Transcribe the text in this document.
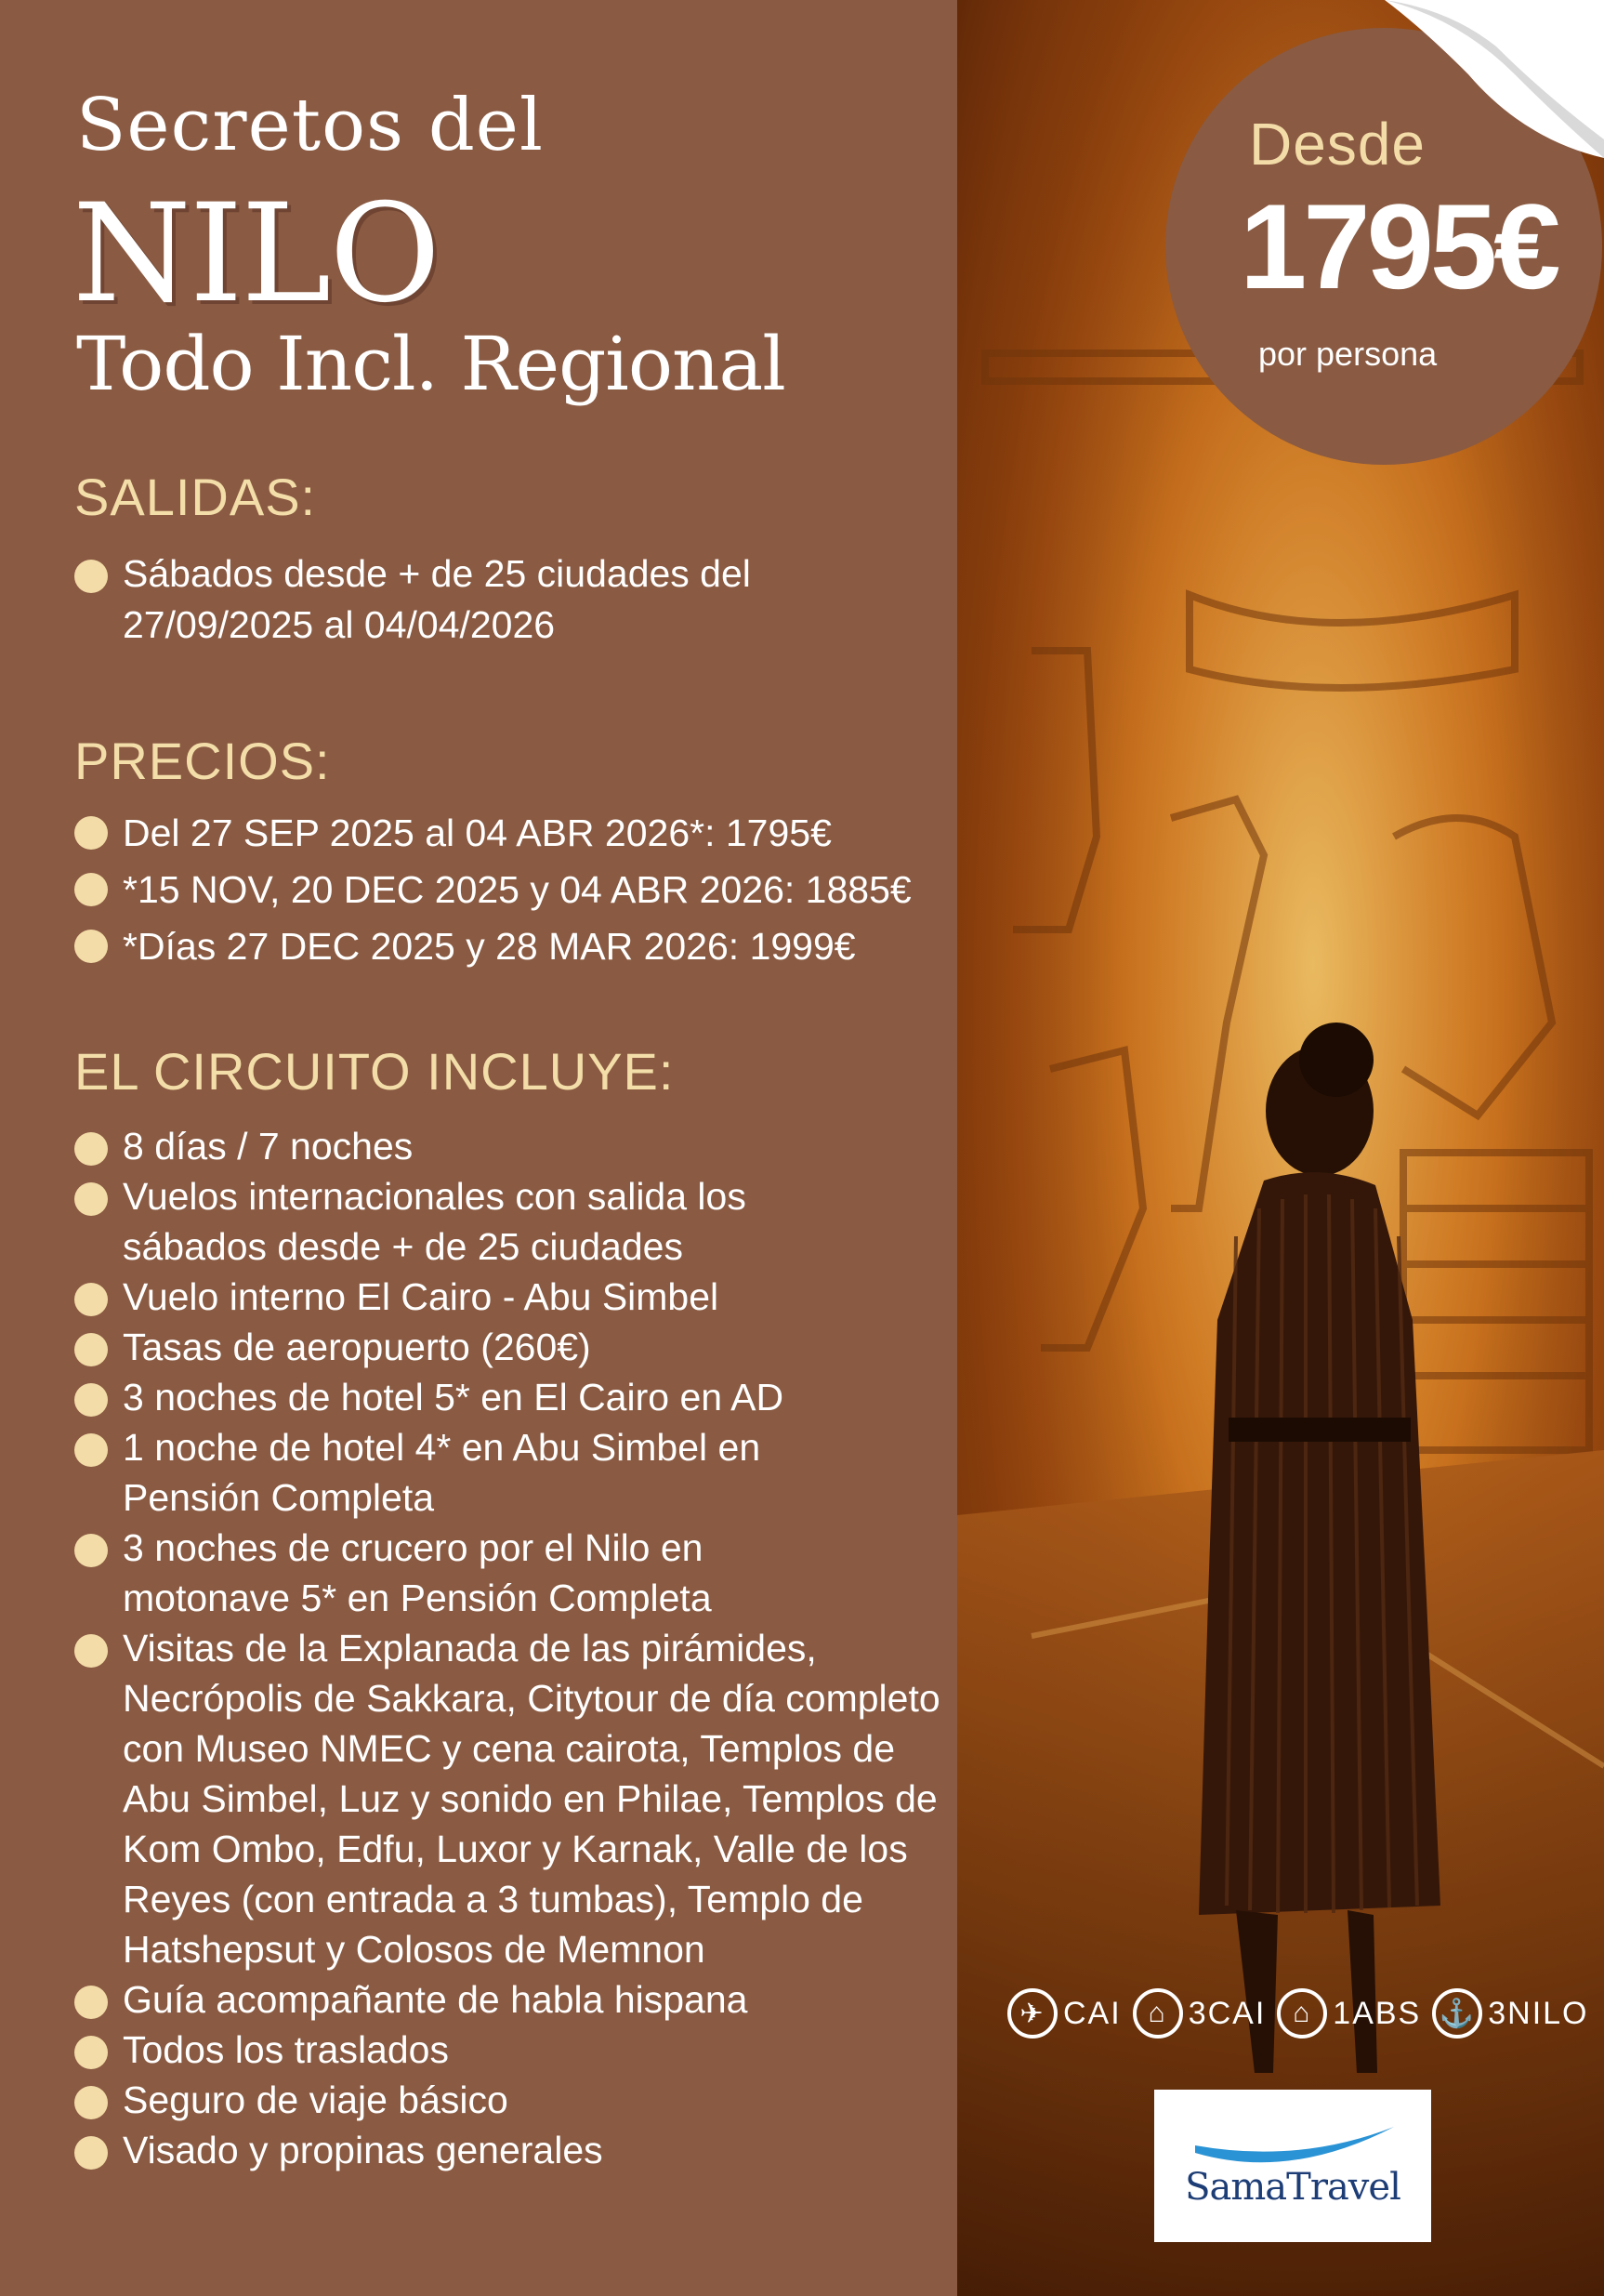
Secretos del
NILO
Todo Incl. Regional
SALIDAS:
Sábados desde + de 25 ciudades del 27/09/2025 al 04/04/2026
PRECIOS:
Del 27 SEP 2025 al 04 ABR 2026*: 1795€
*15 NOV, 20 DEC 2025 y 04 ABR 2026: 1885€
*Días 27 DEC 2025 y 28 MAR 2026: 1999€
EL CIRCUITO INCLUYE:
8 días / 7 noches
Vuelos internacionales con salida los sábados desde + de 25 ciudades
Vuelo interno El Cairo - Abu Simbel
Tasas de aeropuerto (260€)
3 noches de hotel 5* en El Cairo en AD
1 noche de hotel 4* en Abu Simbel en Pensión Completa
3 noches de crucero por el Nilo en motonave 5* en Pensión Completa
Visitas de la Explanada de las pirámides, Necrópolis de Sakkara, Citytour de día completo con Museo NMEC y cena cairota, Templos de Abu Simbel, Luz y sonido en Philae, Templos de Kom Ombo, Edfu, Luxor y Karnak, Valle de los Reyes (con entrada a 3 tumbas), Templo de Hatshepsut y Colosos de Memnon
Guía acompañante de habla hispana
Todos los traslados
Seguro de viaje básico
Visado y propinas generales
Desde
1795€
por persona
✈ CAI ⌂ 3CAI ⌂ 1ABS ⚓ 3NILO
SamaTravel
